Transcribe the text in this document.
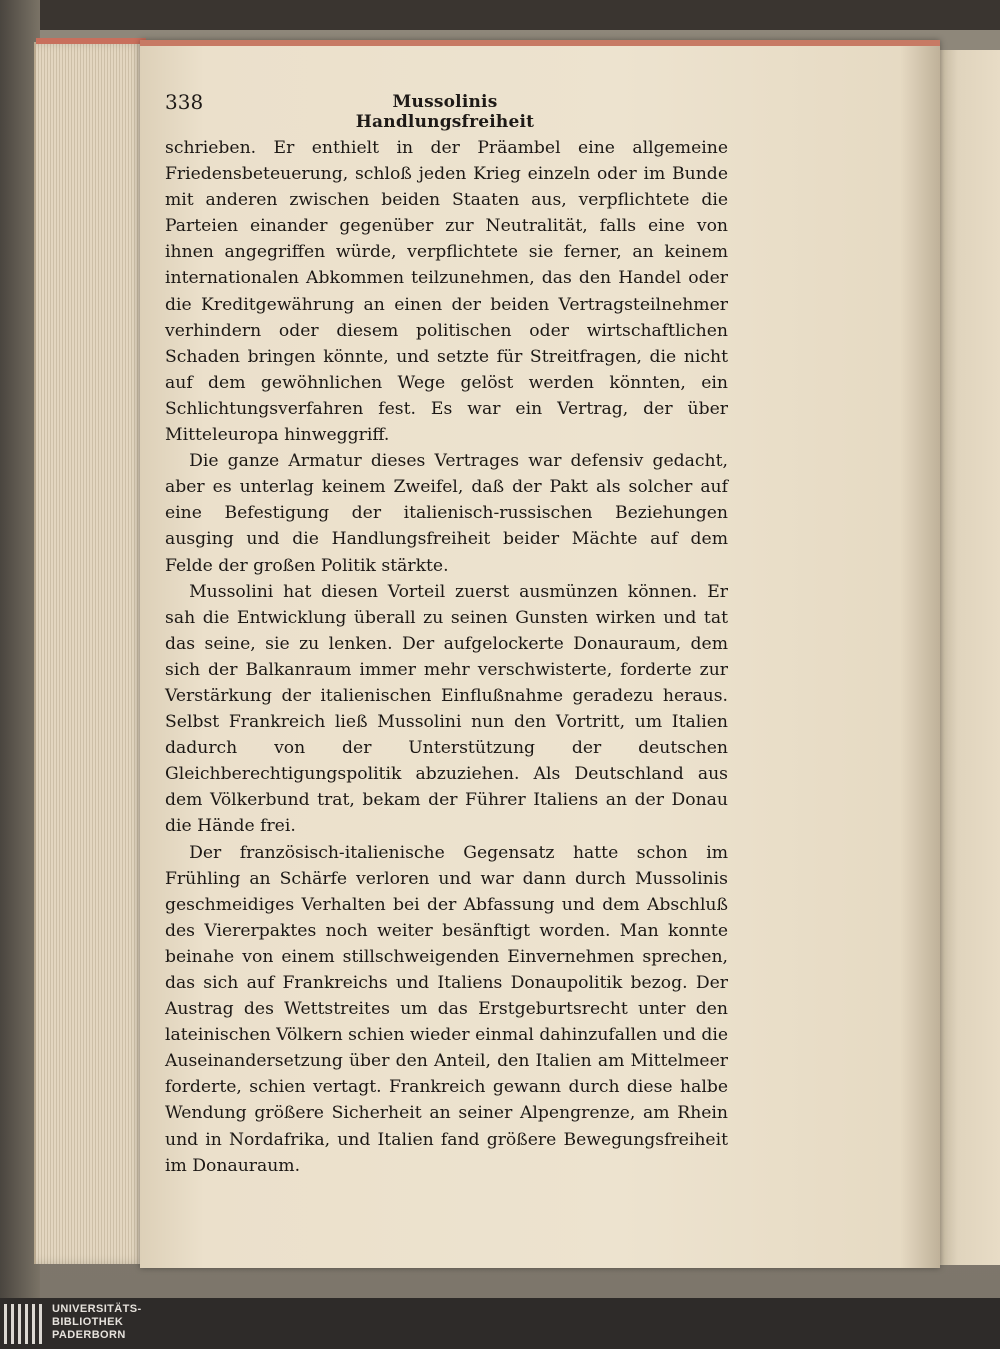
338	Mussolinis Handlungsfreiheit

schrieben. Er enthielt in der Präambel eine allgemeine Friedensbeteuerung, schloß jeden Krieg einzeln oder im Bunde mit anderen zwischen beiden Staaten aus, verpflichtete die Parteien einander gegenüber zur Neutralität, falls eine von ihnen angegriffen würde, verpflichtete sie ferner, an keinem internationalen Abkommen teilzunehmen, das den Handel oder die Kreditgewährung an einen der beiden Vertragsteilnehmer verhindern oder diesem politischen oder wirtschaftlichen Schaden bringen könnte, und setzte für Streitfragen, die nicht auf dem gewöhnlichen Wege gelöst werden könnten, ein Schlichtungsverfahren fest. Es war ein Vertrag, der über Mitteleuropa hinweggriff.

Die ganze Armatur dieses Vertrages war defensiv gedacht, aber es unterlag keinem Zweifel, daß der Pakt als solcher auf eine Befestigung der italienisch-russischen Beziehungen ausging und die Handlungsfreiheit beider Mächte auf dem Felde der großen Politik stärkte.

Mussolini hat diesen Vorteil zuerst ausmünzen können. Er sah die Entwicklung überall zu seinen Gunsten wirken und tat das seine, sie zu lenken. Der aufgelockerte Donauraum, dem sich der Balkanraum immer mehr verschwisterte, forderte zur Verstärkung der italienischen Einflußnahme geradezu heraus. Selbst Frankreich ließ Mussolini nun den Vortritt, um Italien dadurch von der Unterstützung der deutschen Gleichberechtigungspolitik abzuziehen. Als Deutschland aus dem Völkerbund trat, bekam der Führer Italiens an der Donau die Hände frei.

Der französisch-italienische Gegensatz hatte schon im Frühling an Schärfe verloren und war dann durch Mussolinis geschmeidiges Verhalten bei der Abfassung und dem Abschluß des Viererpaktes noch weiter besänftigt worden. Man konnte beinahe von einem stillschweigenden Einvernehmen sprechen, das sich auf Frankreichs und Italiens Donaupolitik bezog. Der Austrag des Wettstreites um das Erstgeburtsrecht unter den lateinischen Völkern schien wieder einmal dahinzufallen und die Auseinandersetzung über den Anteil, den Italien am Mittelmeer forderte, schien vertagt. Frankreich gewann durch diese halbe Wendung größere Sicherheit an seiner Alpengrenze, am Rhein und in Nordafrika, und Italien fand größere Bewegungsfreiheit im Donauraum.

UNIVERSITÄTS-
BIBLIOTHEK
PADERBORN
